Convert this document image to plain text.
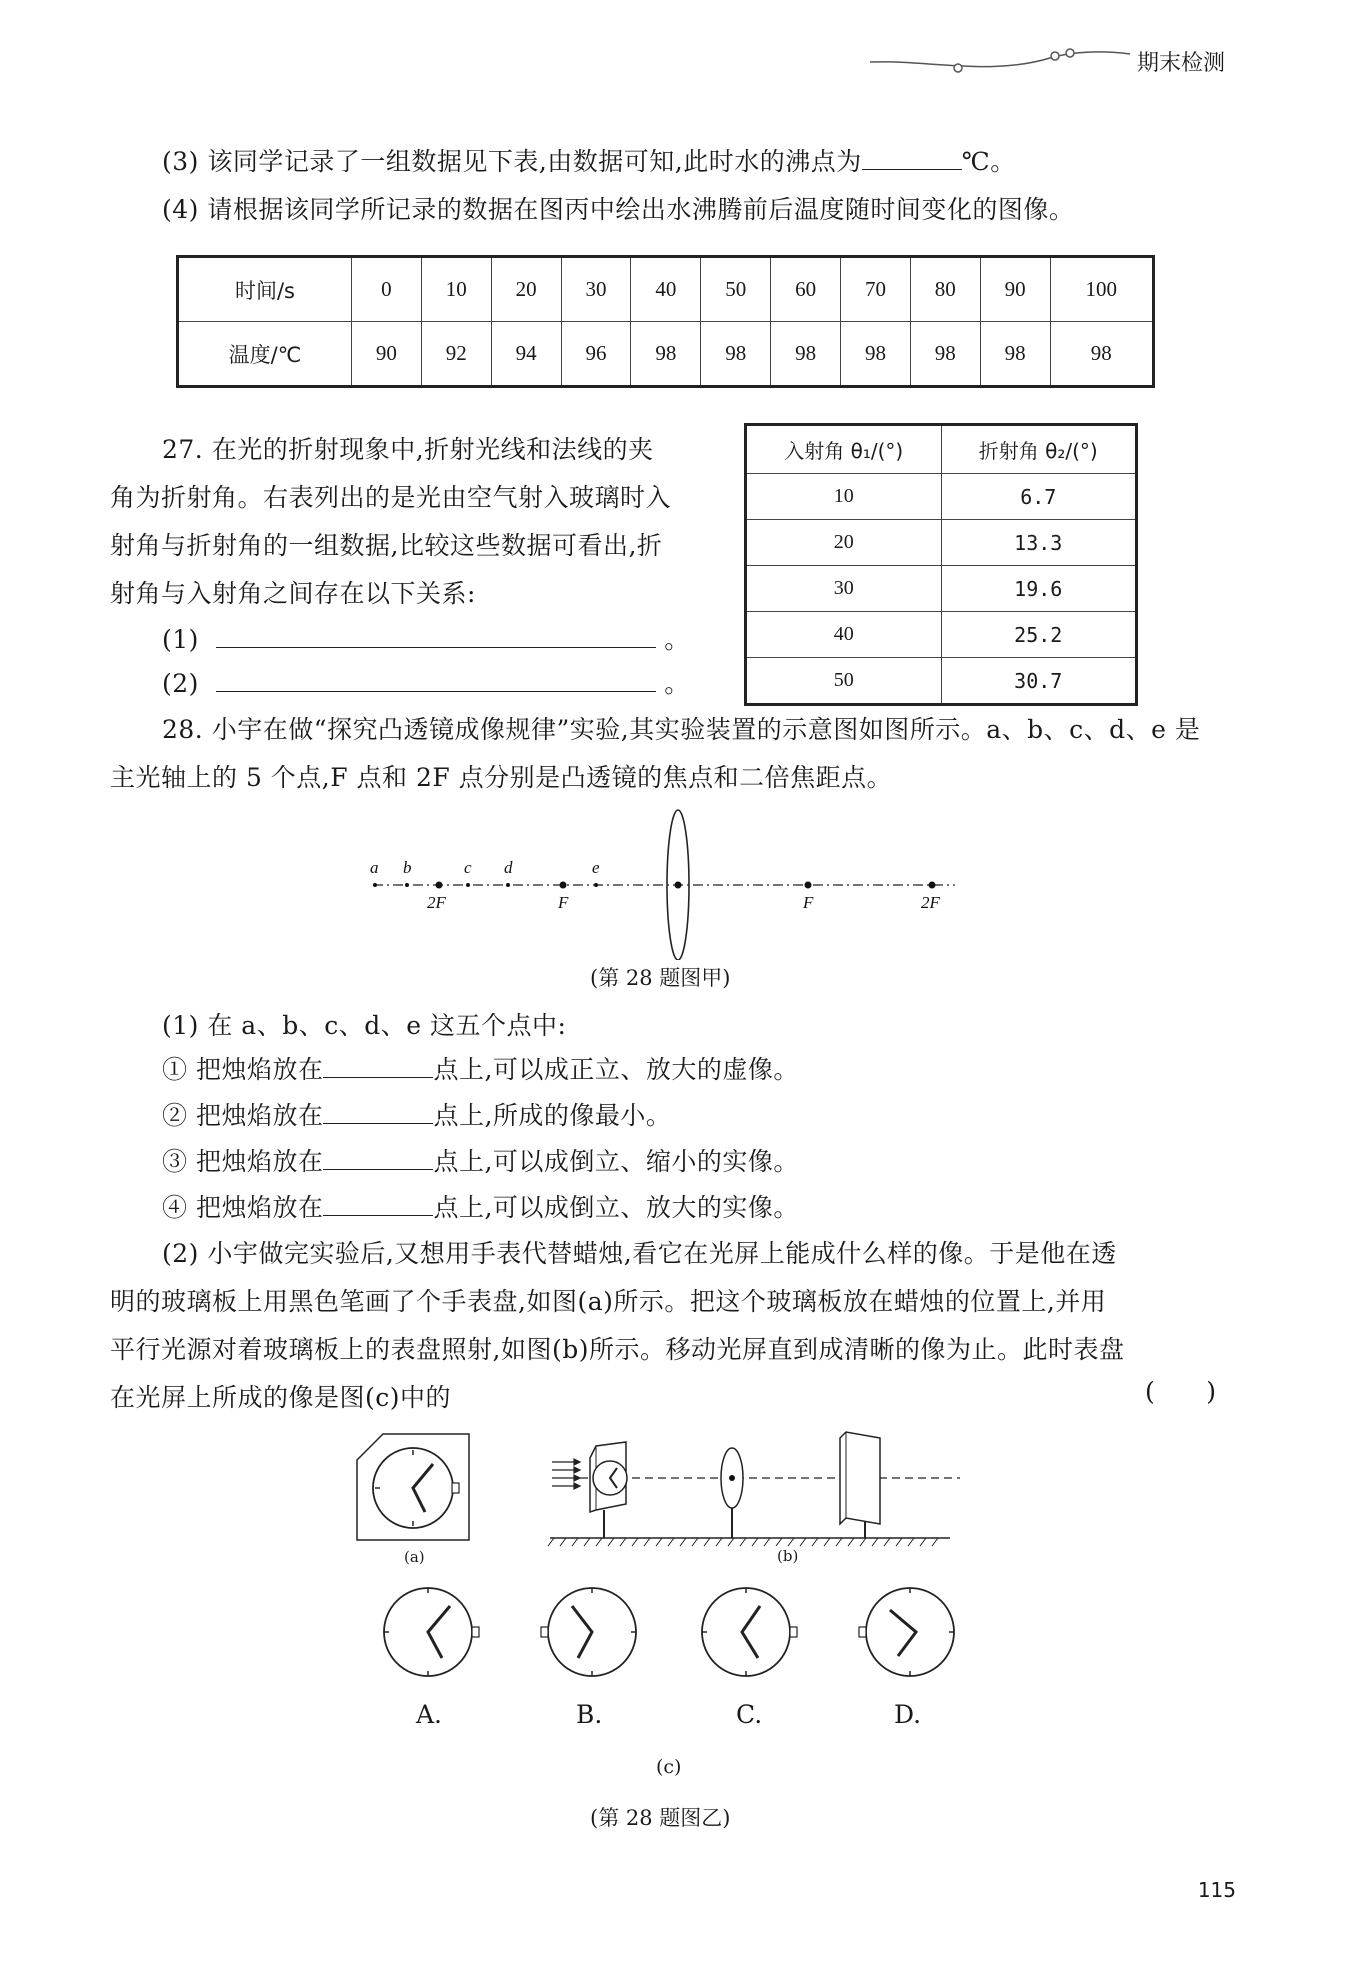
期末检测
(3) 该同学记录了一组数据见下表,由数据可知,此时水的沸点为	℃。
(4) 请根据该同学所记录的数据在图丙中绘出水沸腾前后温度随时间变化的图像。
时间/s	0	10	20	30	40	50	60	70	80	90	100
温度/℃	90	92	94	96	98	98	98	98	98	98	98
27. 在光的折射现象中,折射光线和法线的夹
角为折射角。右表列出的是光由空气射入玻璃时入
射角与折射角的一组数据,比较这些数据可看出,折
射角与入射角之间存在以下关系:
(1)	。
(2)	。
入射角 θ₁/(°)	折射角 θ₂/(°)
10	6.7
20	13.3
30	19.6
40	25.2
50	30.7
28. 小宇在做“探究凸透镜成像规律”实验,其实验装置的示意图如图所示。a、b、c、d、e 是
主光轴上的 5 个点,F 点和 2F 点分别是凸透镜的焦点和二倍焦距点。
a b	c d	e
2F	F	F	2F
(第 28 题图甲)
(1) 在 a、b、c、d、e 这五个点中:
① 把烛焰放在	点上,可以成正立、放大的虚像。
② 把烛焰放在	点上,所成的像最小。
③ 把烛焰放在	点上,可以成倒立、缩小的实像。
④ 把烛焰放在	点上,可以成倒立、放大的实像。
(2) 小宇做完实验后,又想用手表代替蜡烛,看它在光屏上能成什么样的像。于是他在透
明的玻璃板上用黑色笔画了个手表盘,如图(a)所示。把这个玻璃板放在蜡烛的位置上,并用
平行光源对着玻璃板上的表盘照射,如图(b)所示。移动光屏直到成清晰的像为止。此时表盘
在光屏上所成的像是图(c)中的	(　　)
(a)	(b)
A.	B.	C.	D.
(c)
(第 28 题图乙)
115
